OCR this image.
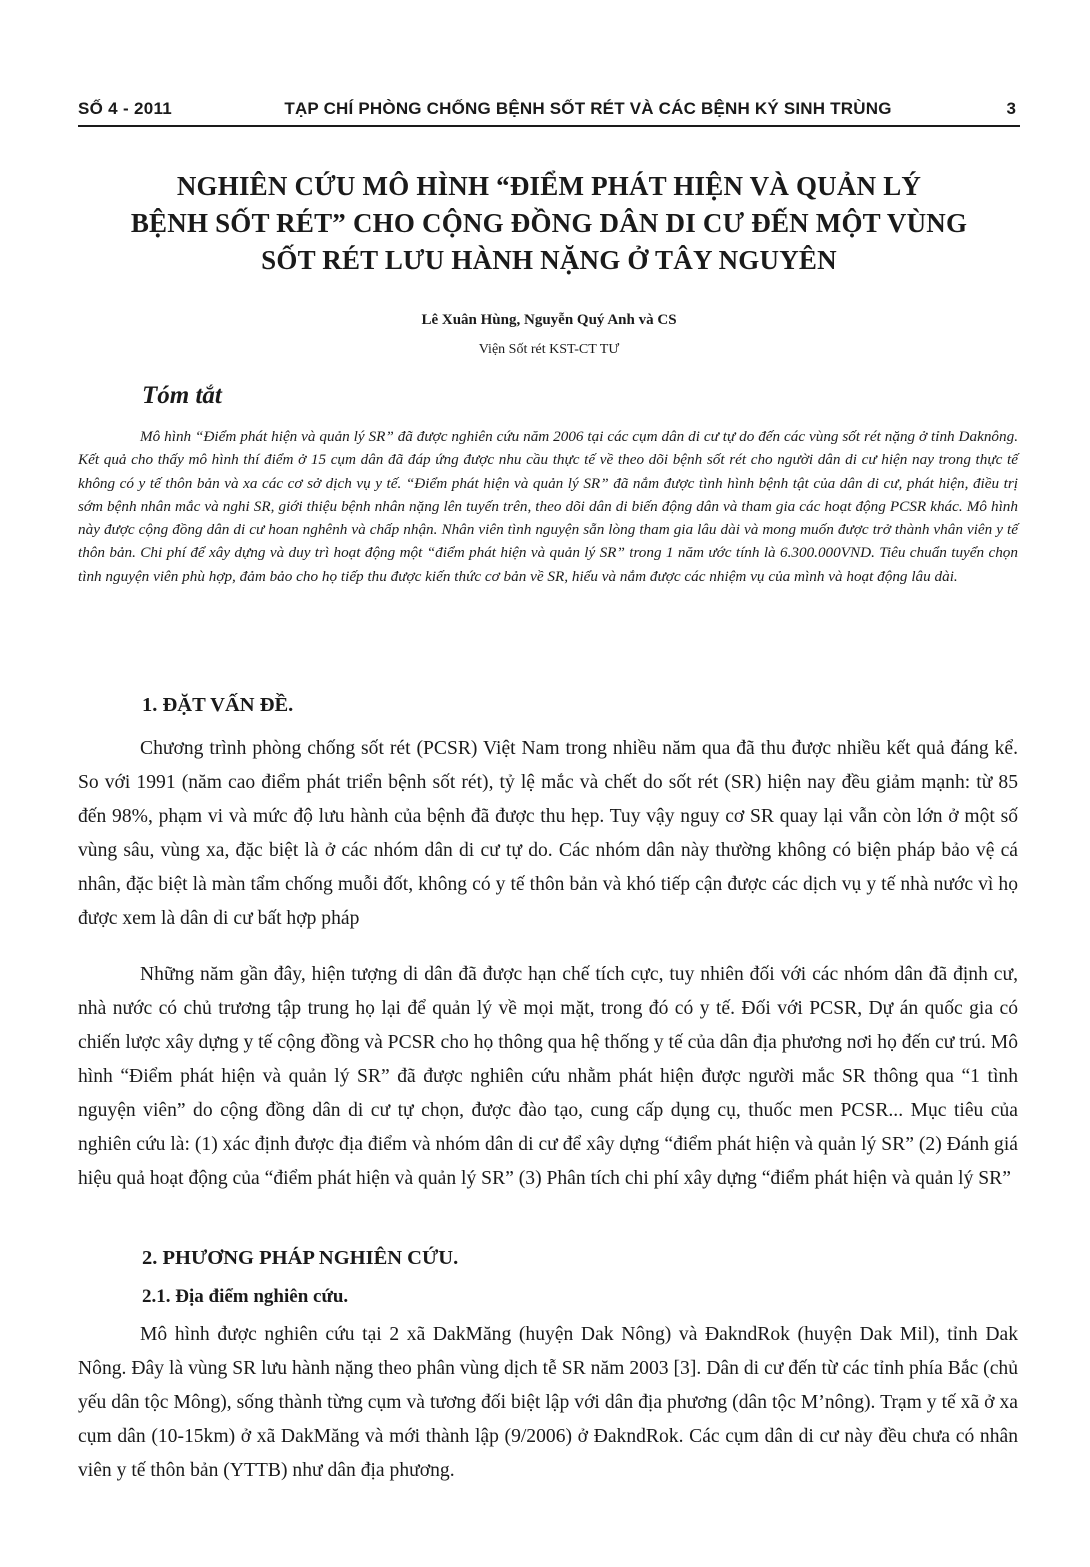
SỐ 4 - 2011	TẠP CHÍ PHÒNG CHỐNG BỆNH SỐT RÉT VÀ CÁC BỆNH KÝ SINH TRÙNG	3
NGHIÊN CỨU MÔ HÌNH “ĐIỂM PHÁT HIỆN VÀ QUẢN LÝ
BỆNH SỐT RÉT” CHO CỘNG ĐỒNG DÂN DI CƯ ĐẾN MỘT VÙNG
SỐT RÉT LƯU HÀNH NẶNG Ở TÂY NGUYÊN
Lê Xuân Hùng, Nguyễn Quý Anh và CS
Viện Sốt rét KST-CT TƯ
Tóm tắt

Mô hình “Điểm phát hiện và quản lý SR” đã được nghiên cứu năm 2006 tại các cụm dân di cư tự do đến các vùng sốt rét nặng ở tỉnh Daknông. Kết quả cho thấy mô hình thí điểm ở 15 cụm dân đã đáp ứng được nhu cầu thực tế về theo dõi bệnh sốt rét cho người dân di cư hiện nay trong thực tế không có y tế thôn bản và xa các cơ sở dịch vụ y tế. “Điểm phát hiện và quản lý SR” đã nắm được tình hình bệnh tật của dân di cư, phát hiện, điều trị sớm bệnh nhân mắc và nghi SR, giới thiệu bệnh nhân nặng lên tuyến trên, theo dõi dân di biến động dân và tham gia các hoạt động PCSR khác. Mô hình này được cộng đồng dân di cư hoan nghênh và chấp nhận. Nhân viên tình nguyện sẵn lòng tham gia lâu dài và mong muốn được trở thành vhân viên y tế thôn bản. Chi phí để xây dựng và duy trì hoạt động một “điểm phát hiện và quản lý SR” trong 1 năm ước tính là 6.300.000VND. Tiêu chuẩn tuyển chọn tình nguyện viên phù hợp, đảm bảo cho họ tiếp thu được kiến thức cơ bản về SR, hiểu và nắm được các nhiệm vụ của mình và hoạt động lâu dài.

1. ĐẶT VẤN ĐỀ.

Chương trình phòng chống sốt rét (PCSR) Việt Nam trong nhiều năm qua đã thu được nhiều kết quả đáng kể. So với 1991 (năm cao điểm phát triển bệnh sốt rét), tỷ lệ mắc và chết do sốt rét (SR) hiện nay đều giảm mạnh: từ 85 đến 98%, phạm vi và mức độ lưu hành của bệnh đã được thu hẹp. Tuy vậy nguy cơ SR quay lại vẫn còn lớn ở một số vùng sâu, vùng xa, đặc biệt là ở các nhóm dân di cư tự do. Các nhóm dân này thường không có biện pháp bảo vệ cá nhân, đặc biệt là màn tẩm chống muỗi đốt, không có y tế thôn bản và khó tiếp cận được các dịch vụ y tế nhà nước vì họ được xem là dân di cư bất hợp pháp

Những năm gần đây, hiện tượng di dân đã được hạn chế tích cực, tuy nhiên đối với các nhóm dân đã định cư, nhà nước có chủ trương tập trung họ lại để quản lý về mọi mặt, trong đó có y tế. Đối với PCSR, Dự án quốc gia có chiến lược xây dựng y tế cộng đồng và PCSR cho họ thông qua hệ thống y tế của dân địa phương nơi họ đến cư trú. Mô hình “Điểm phát hiện và quản lý SR” đã được nghiên cứu nhằm phát hiện được người mắc SR thông qua “1 tình nguyện viên” do cộng đồng dân di cư tự chọn, được đào tạo, cung cấp dụng cụ, thuốc men PCSR... Mục tiêu của nghiên cứu là: (1) xác định được địa điểm và nhóm dân di cư để xây dựng “điểm phát hiện và quản lý SR” (2) Đánh giá hiệu quả hoạt động của “điểm phát hiện và quản lý SR” (3) Phân tích chi phí xây dựng “điểm phát hiện và quản lý SR”

2. PHƯƠNG PHÁP NGHIÊN CỨU.
2.1. Địa điểm nghiên cứu.

Mô hình được nghiên cứu tại 2 xã DakMăng (huyện Dak Nông) và ĐakndRok (huyện Dak Mil), tỉnh Dak Nông. Đây là vùng SR lưu hành nặng theo phân vùng dịch tễ SR năm 2003 [3]. Dân di cư đến từ các tỉnh phía Bắc (chủ yếu dân tộc Mông), sống thành từng cụm và tương đối biệt lập với dân địa phương (dân tộc M’nông). Trạm y tế xã ở xa cụm dân (10-15km) ở xã DakMăng và mới thành lập (9/2006) ở ĐakndRok. Các cụm dân di cư này đều chưa có nhân viên y tế thôn bản (YTTB) như dân địa phương.
